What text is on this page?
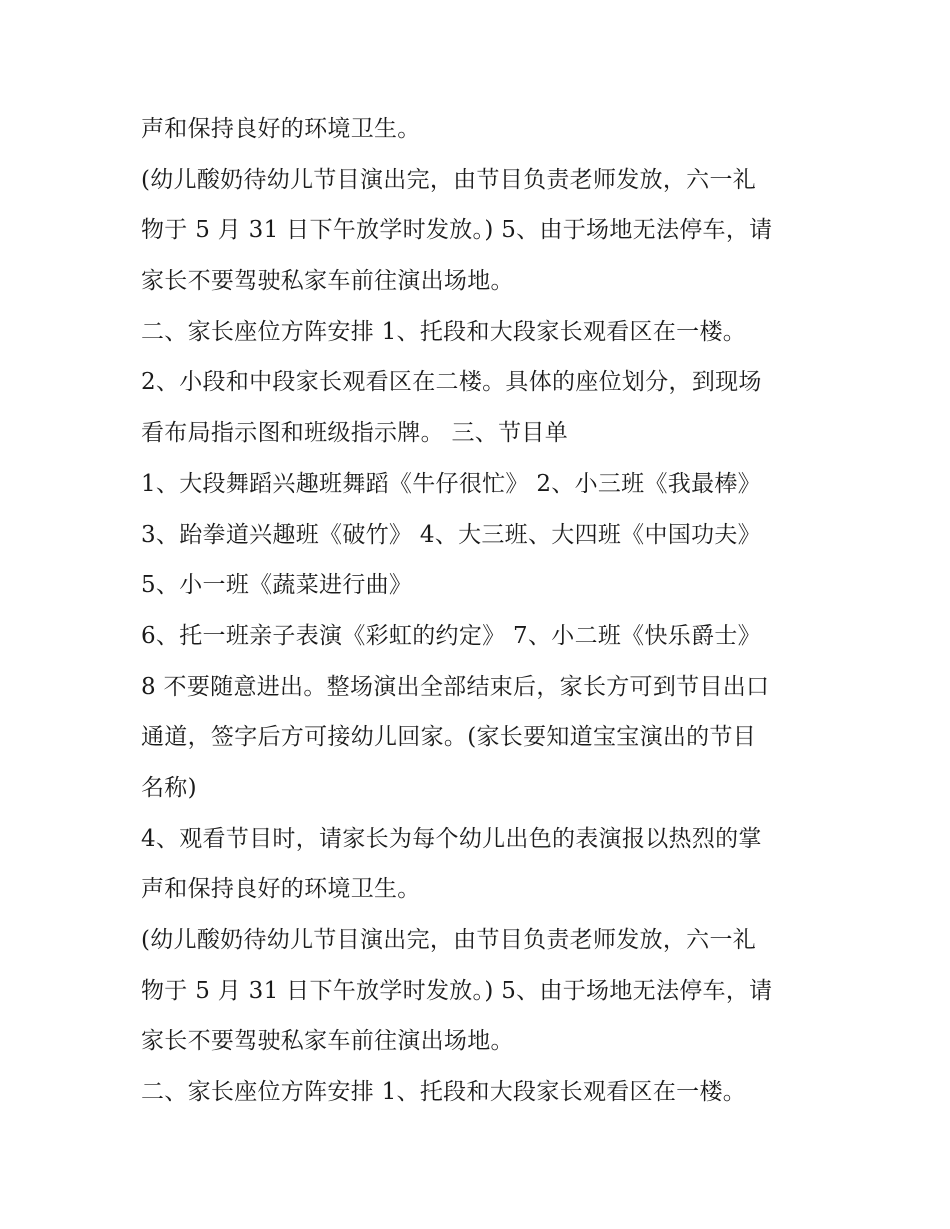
声和保持良好的环境卫生。
(幼儿酸奶待幼儿节目演出完，由节目负责老师发放，六一礼
物于 5 月 31 日下午放学时发放。) 5、由于场地无法停车，请
家长不要驾驶私家车前往演出场地。
二、家长座位方阵安排 1、托段和大段家长观看区在一楼。
2、小段和中段家长观看区在二楼。具体的座位划分，到现场
看布局指示图和班级指示牌。 三、节目单
1、大段舞蹈兴趣班舞蹈《牛仔很忙》 2、小三班《我最棒》
3、跆拳道兴趣班《破竹》 4、大三班、大四班《中国功夫》
5、小一班《蔬菜进行曲》
6、托一班亲子表演《彩虹的约定》 7、小二班《快乐爵士》
8 不要随意进出。整场演出全部结束后，家长方可到节目出口
通道，签字后方可接幼儿回家。(家长要知道宝宝演出的节目
名称)
4、观看节目时，请家长为每个幼儿出色的表演报以热烈的掌
声和保持良好的环境卫生。
(幼儿酸奶待幼儿节目演出完，由节目负责老师发放，六一礼
物于 5 月 31 日下午放学时发放。) 5、由于场地无法停车，请
家长不要驾驶私家车前往演出场地。
二、家长座位方阵安排 1、托段和大段家长观看区在一楼。
